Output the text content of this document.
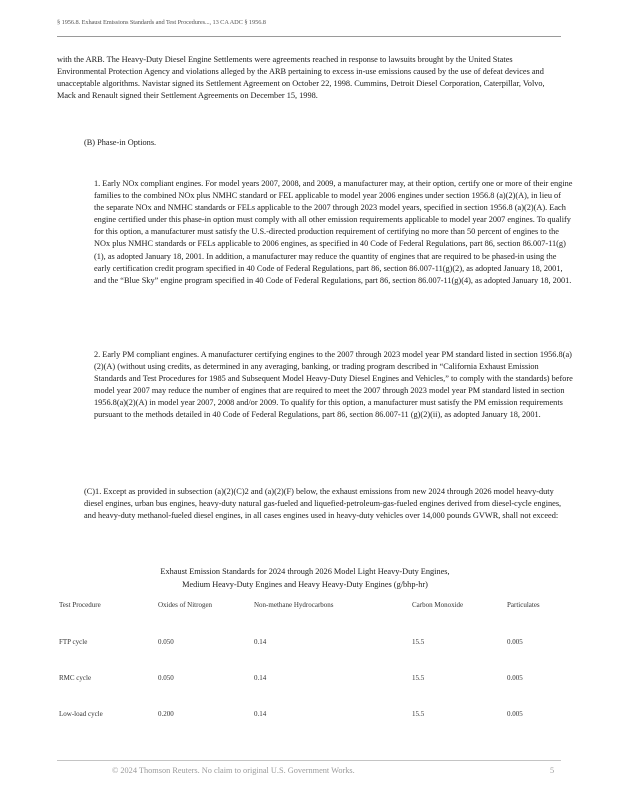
§ 1956.8. Exhaust Emissions Standards and Test Procedures..., 13 CA ADC § 1956.8

with the ARB. The Heavy-Duty Diesel Engine Settlements were agreements reached in response to lawsuits brought by the United States Environmental Protection Agency and violations alleged by the ARB pertaining to excess in-use emissions caused by the use of defeat devices and unacceptable algorithms. Navistar signed its Settlement Agreement on October 22, 1998. Cummins, Detroit Diesel Corporation, Caterpillar, Volvo, Mack and Renault signed their Settlement Agreements on December 15, 1998.

(B) Phase-in Options.

1. Early NOx compliant engines. For model years 2007, 2008, and 2009, a manufacturer may, at their option, certify one or more of their engine families to the combined NOx plus NMHC standard or FEL applicable to model year 2006 engines under section 1956.8 (a)(2)(A), in lieu of the separate NOx and NMHC standards or FELs applicable to the 2007 through 2023 model years, specified in section 1956.8 (a)(2)(A). Each engine certified under this phase-in option must comply with all other emission requirements applicable to model year 2007 engines. To qualify for this option, a manufacturer must satisfy the U.S.-directed production requirement of certifying no more than 50 percent of engines to the NOx plus NMHC standards or FELs applicable to 2006 engines, as specified in 40 Code of Federal Regulations, part 86, section 86.007-11(g)(1), as adopted January 18, 2001. In addition, a manufacturer may reduce the quantity of engines that are required to be phased-in using the early certification credit program specified in 40 Code of Federal Regulations, part 86, section 86.007-11(g)(2), as adopted January 18, 2001, and the “Blue Sky” engine program specified in 40 Code of Federal Regulations, part 86, section 86.007-11(g)(4), as adopted January 18, 2001.

2. Early PM compliant engines. A manufacturer certifying engines to the 2007 through 2023 model year PM standard listed in section 1956.8(a)(2)(A) (without using credits, as determined in any averaging, banking, or trading program described in “California Exhaust Emission Standards and Test Procedures for 1985 and Subsequent Model Heavy-Duty Diesel Engines and Vehicles,” to comply with the standards) before model year 2007 may reduce the number of engines that are required to meet the 2007 through 2023 model year PM standard listed in section 1956.8(a)(2)(A) in model year 2007, 2008 and/or 2009. To qualify for this option, a manufacturer must satisfy the PM emission requirements pursuant to the methods detailed in 40 Code of Federal Regulations, part 86, section 86.007-11 (g)(2)(ii), as adopted January 18, 2001.

(C)1. Except as provided in subsection (a)(2)(C)2 and (a)(2)(F) below, the exhaust emissions from new 2024 through 2026 model heavy-duty diesel engines, urban bus engines, heavy-duty natural gas-fueled and liquefied-petroleum-gas-fueled engines derived from diesel-cycle engines, and heavy-duty methanol-fueled diesel engines, in all cases engines used in heavy-duty vehicles over 14,000 pounds GVWR, shall not exceed:

Exhaust Emission Standards for 2024 through 2026 Model Light Heavy-Duty Engines,
Medium Heavy-Duty Engines and Heavy Heavy-Duty Engines (g/bhp-hr)
Test Procedure	Oxides of Nitrogen	Non-methane Hydrocarbons	Carbon Monoxide	Particulates
FTP cycle	0.050	0.14	15.5	0.005
RMC cycle	0.050	0.14	15.5	0.005
Low-load cycle	0.200	0.14	15.5	0.005
© 2024 Thomson Reuters. No claim to original U.S. Government Works.	5
